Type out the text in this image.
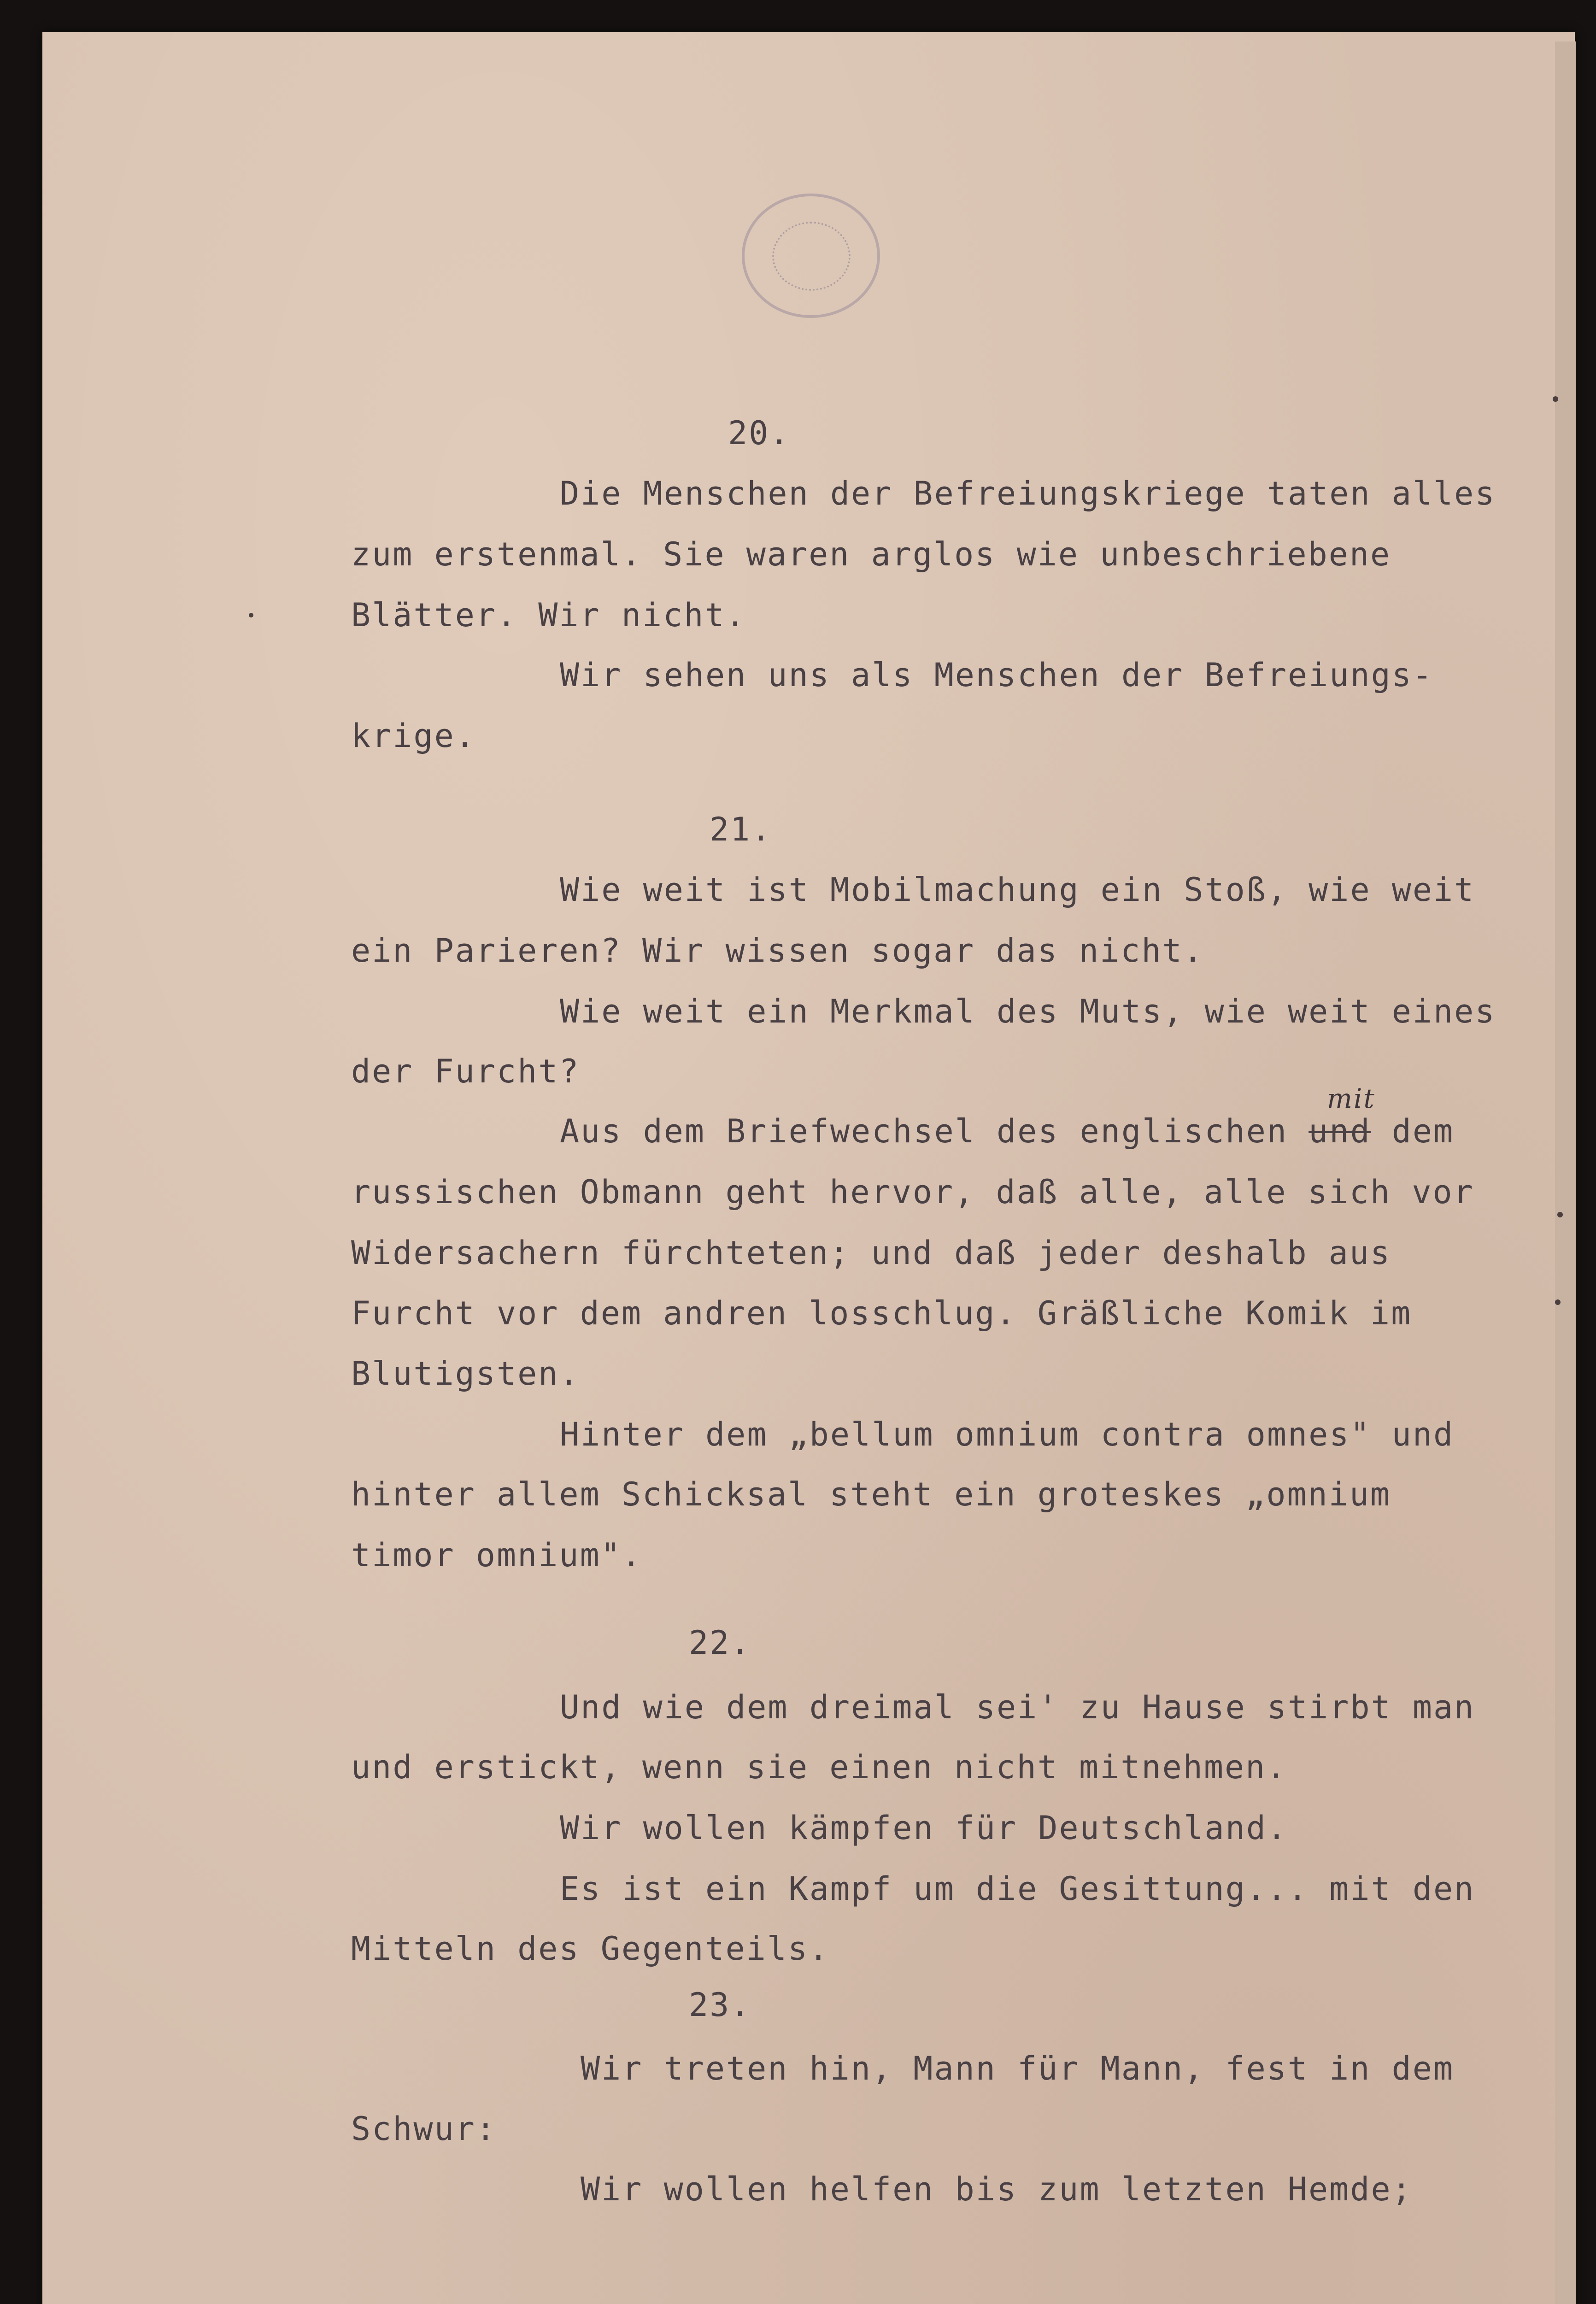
20.
Die Menschen der Befreiungskriege taten alles
zum erstenmal. Sie waren arglos wie unbeschriebene
Blätter. Wir nicht.
Wir sehen uns als Menschen der Befreiungs-
krige.
21.
Wie weit ist Mobilmachung ein Stoß, wie weit
ein Parieren? Wir wissen sogar das nicht.
Wie weit ein Merkmal des Muts, wie weit eines
der Furcht?
mit
Aus dem Briefwechsel des englischen und dem
russischen Obmann geht hervor, daß alle, alle sich vor
Widersachern fürchteten; und daß jeder deshalb aus
Furcht vor dem andren losschlug. Gräßliche Komik im
Blutigsten.
Hinter dem „bellum omnium contra omnes" und
hinter allem Schicksal steht ein groteskes „omnium
timor omnium".
22.
Und wie dem dreimal sei' zu Hause stirbt man
und erstickt, wenn sie einen nicht mitnehmen.
Wir wollen kämpfen für Deutschland.
Es ist ein Kampf um die Gesittung... mit den
Mitteln des Gegenteils.
23.
Wir treten hin, Mann für Mann, fest in dem
Schwur:
Wir wollen helfen bis zum letzten Hemde;
